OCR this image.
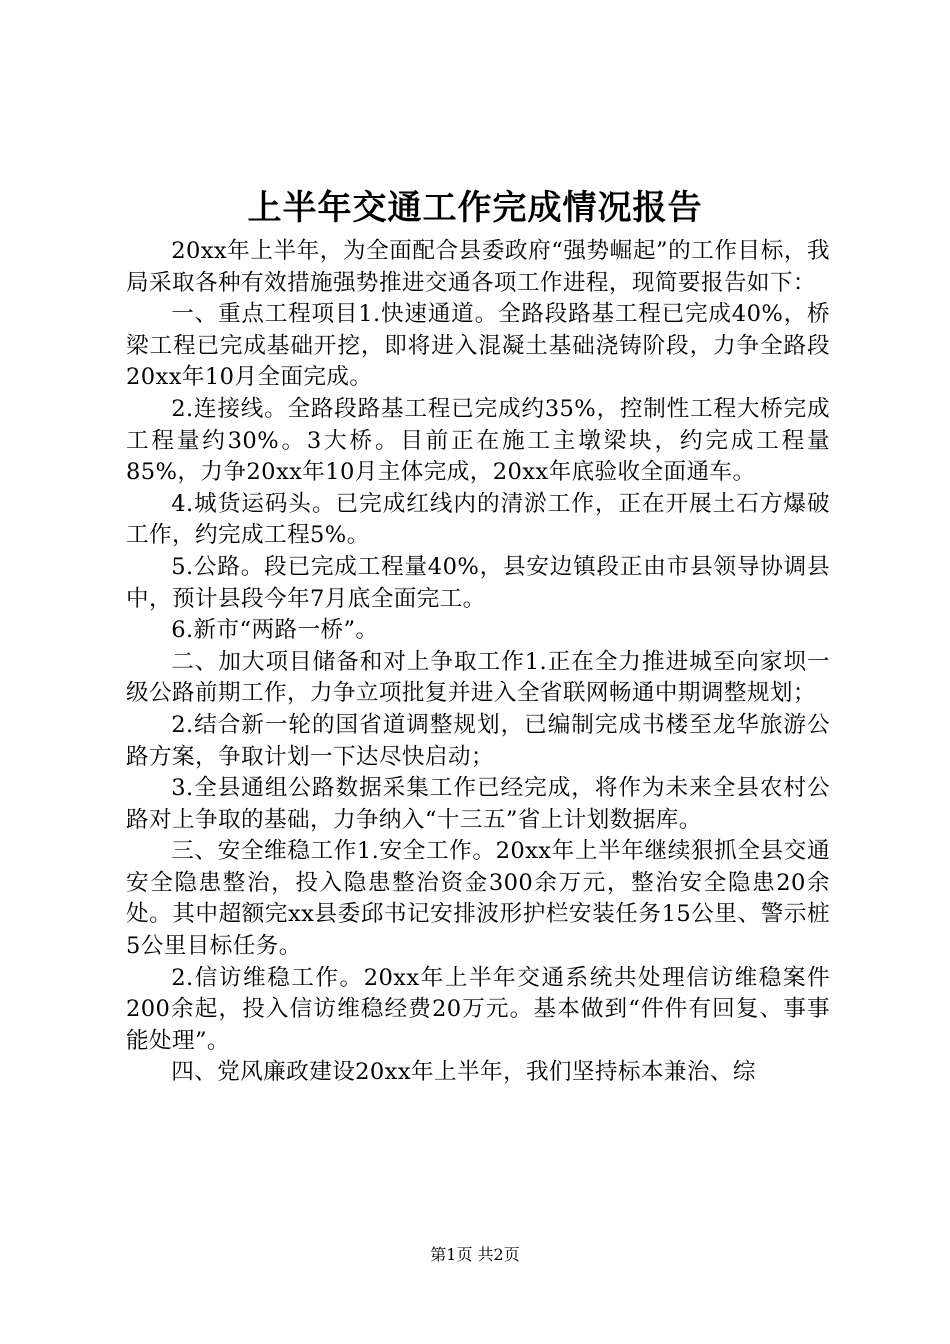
上半年交通工作完成情况报告

20xx年上半年，为全面配合县委政府“强势崛起”的工作目标，我局采取各种有效措施强势推进交通各项工作进程，现简要报告如下：

一、重点工程项目1.快速通道。全路段路基工程已完成40%，桥梁工程已完成基础开挖，即将进入混凝土基础浇铸阶段，力争全路段20xx年10月全面完成。

2.连接线。全路段路基工程已完成约35%，控制性工程大桥完成工程量约30%。3大桥。目前正在施工主墩梁块，约完成工程量85%，力争20xx年10月主体完成，20xx年底验收全面通车。

4.城货运码头。已完成红线内的清淤工作，正在开展土石方爆破工作，约完成工程5%。

5.公路。段已完成工程量40%，县安边镇段正由市县领导协调县中，预计县段今年7月底全面完工。

6.新市“两路一桥”。

二、加大项目储备和对上争取工作1.正在全力推进城至向家坝一级公路前期工作，力争立项批复并进入全省联网畅通中期调整规划；

2.结合新一轮的国省道调整规划，已编制完成书楼至龙华旅游公路方案，争取计划一下达尽快启动；

3.全县通组公路数据采集工作已经完成，将作为未来全县农村公路对上争取的基础，力争纳入“十三五”省上计划数据库。

三、安全维稳工作1.安全工作。20xx年上半年继续狠抓全县交通安全隐患整治，投入隐患整治资金300余万元，整治安全隐患20余处。其中超额完xx县委邱书记安排波形护栏安装任务15公里、警示桩5公里目标任务。

2.信访维稳工作。20xx年上半年交通系统共处理信访维稳案件200余起，投入信访维稳经费20万元。基本做到“件件有回复、事事能处理”。

四、党风廉政建设20xx年上半年，我们坚持标本兼治、综

第1页 共2页
